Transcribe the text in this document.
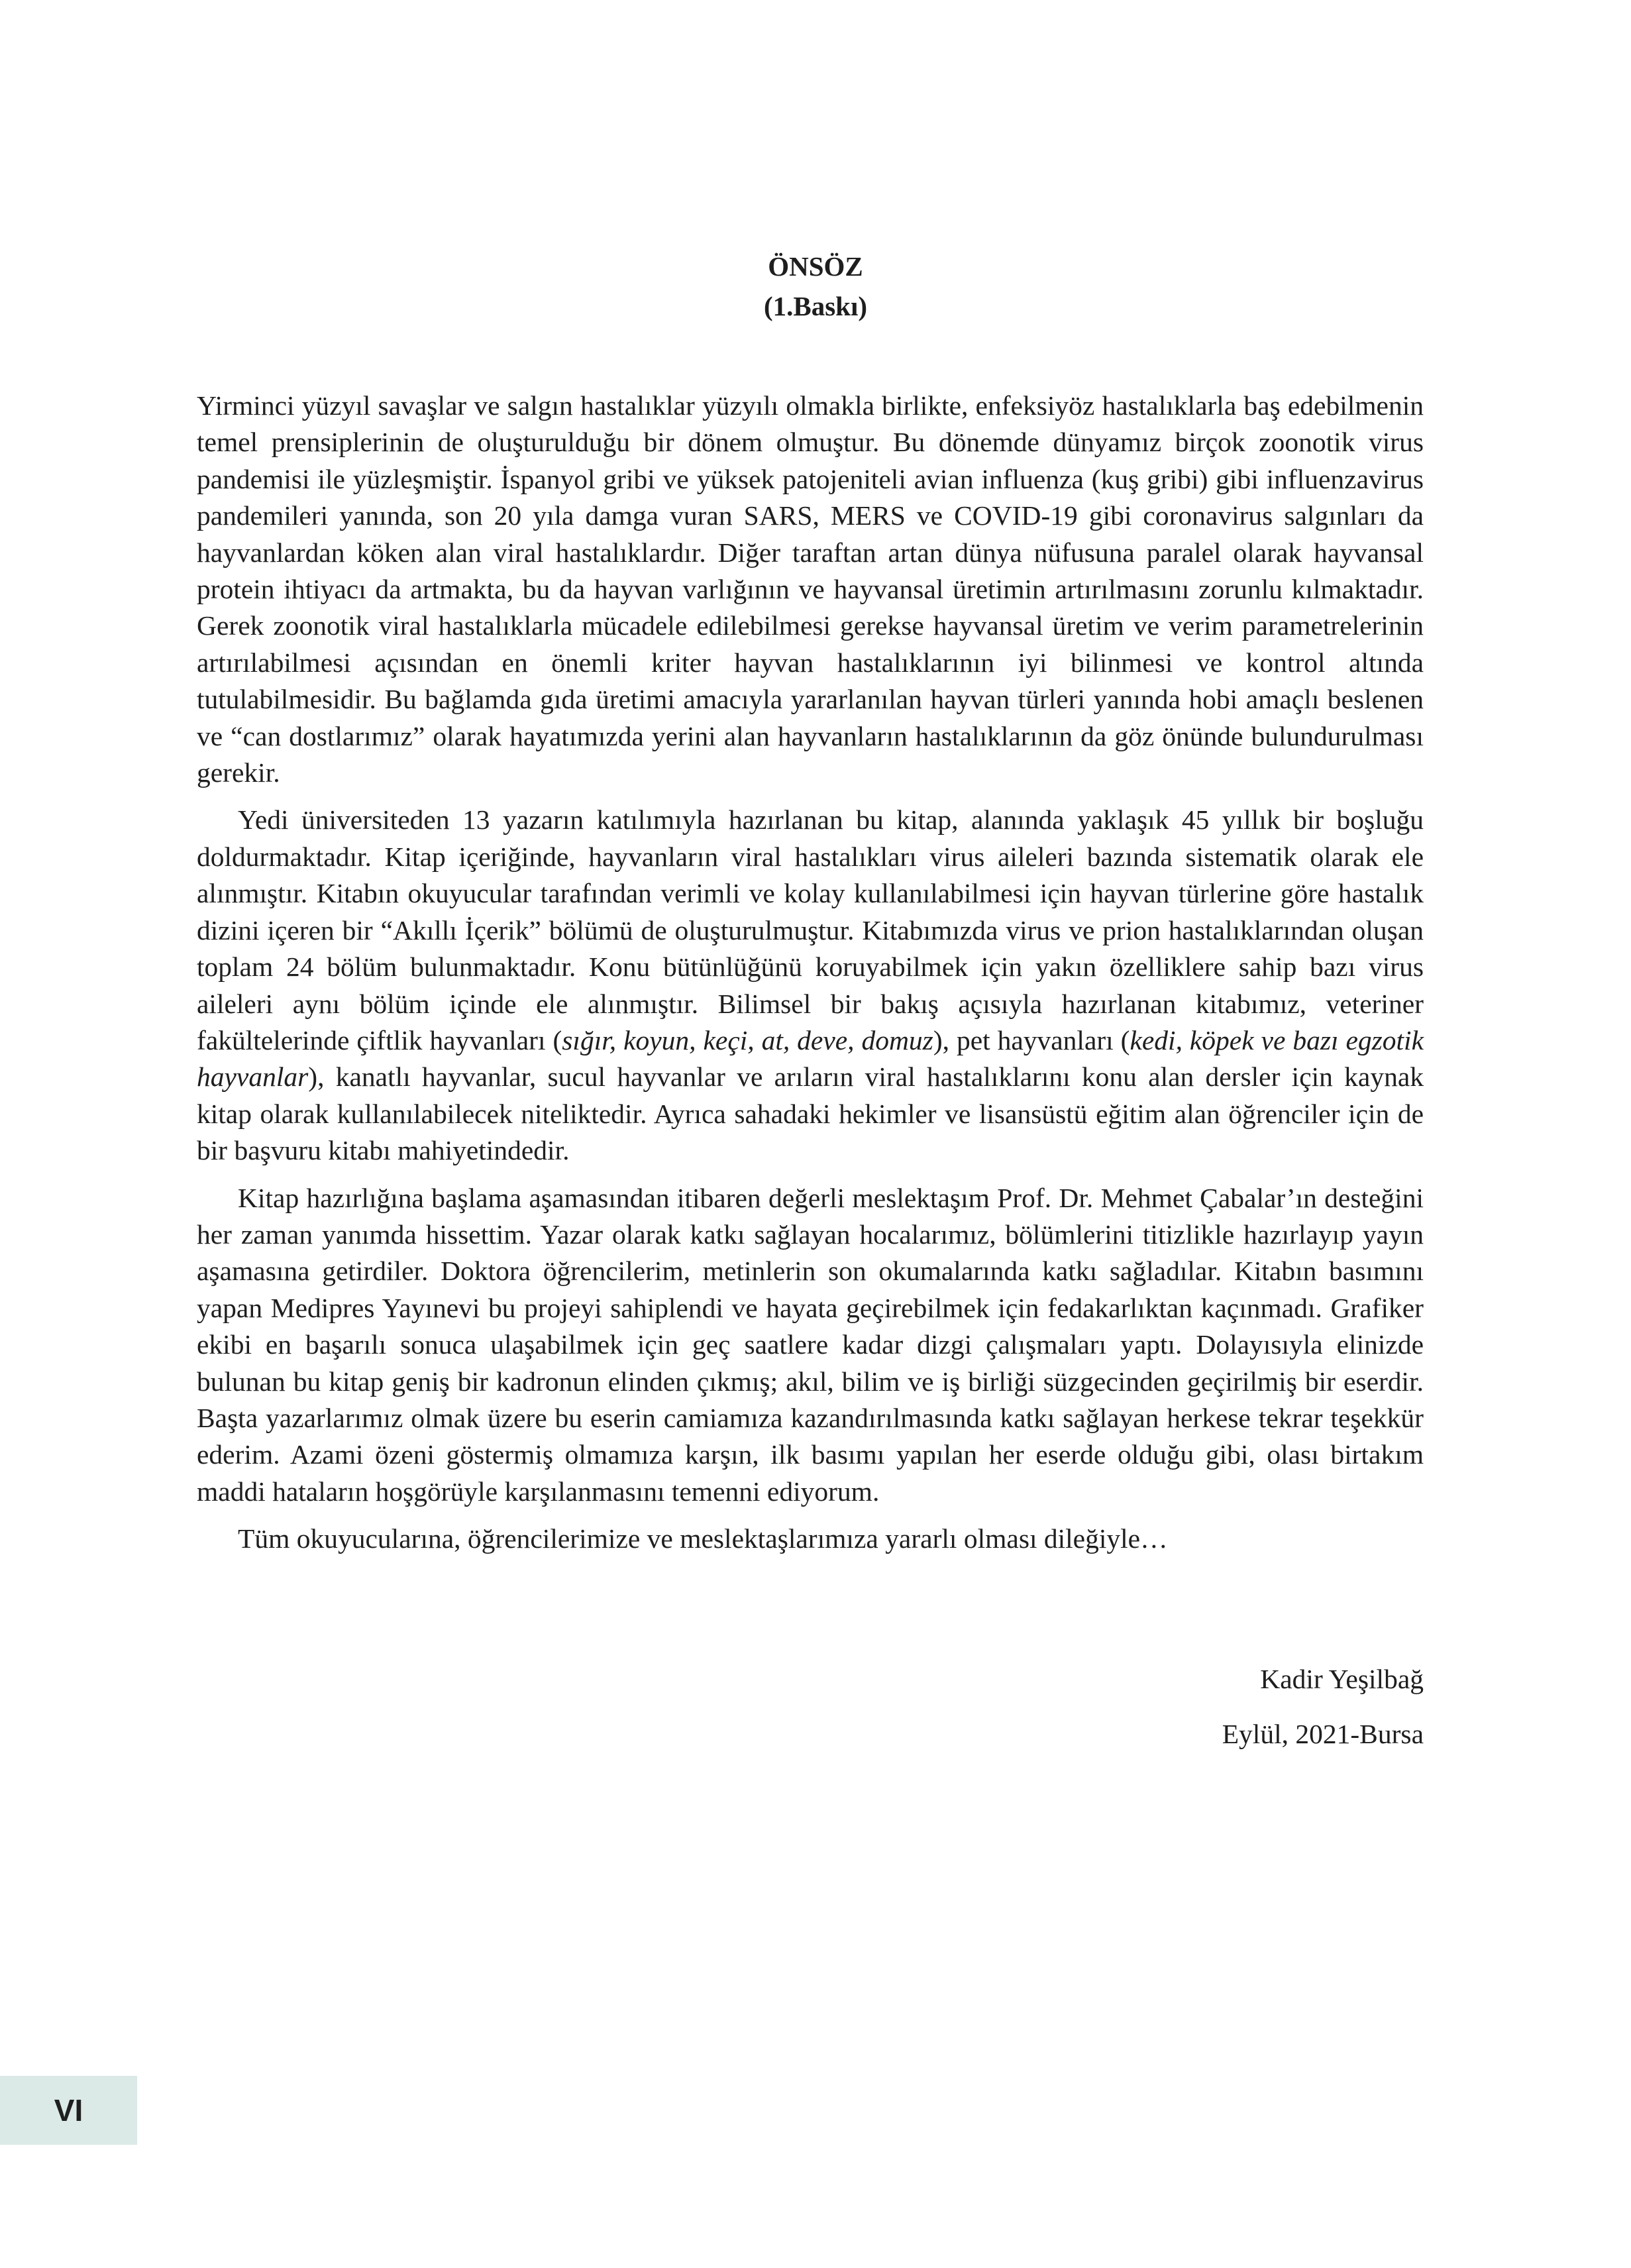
ÖNSÖZ
(1.Baskı)

Yirminci yüzyıl savaşlar ve salgın hastalıklar yüzyılı olmakla birlikte, enfeksiyöz hastalıklarla baş edebilmenin temel prensiplerinin de oluşturulduğu bir dönem olmuştur. Bu dönemde dünyamız birçok zoonotik virus pandemisi ile yüzleşmiştir. İspanyol gribi ve yüksek patojeniteli avian influenza (kuş gribi) gibi influenzavirus pandemileri yanında, son 20 yıla damga vuran SARS, MERS ve COVID-19 gibi coronavirus salgınları da hayvanlardan köken alan viral hastalıklardır. Diğer taraftan artan dünya nüfusuna paralel olarak hayvansal protein ihtiyacı da artmakta, bu da hayvan varlığının ve hayvansal üretimin artırılmasını zorunlu kılmaktadır. Gerek zoonotik viral hastalıklarla mücadele edilebilmesi gerekse hayvansal üretim ve verim parametrelerinin artırılabilmesi açısından en önemli kriter hayvan hastalıklarının iyi bilinmesi ve kontrol altında tutulabilmesidir. Bu bağlamda gıda üretimi amacıyla yararlanılan hayvan türleri yanında hobi amaçlı beslenen ve “can dostlarımız” olarak hayatımızda yerini alan hayvanların hastalıklarının da göz önünde bulundurulması gerekir.

Yedi üniversiteden 13 yazarın katılımıyla hazırlanan bu kitap, alanında yaklaşık 45 yıllık bir boşluğu doldurmaktadır. Kitap içeriğinde, hayvanların viral hastalıkları virus aileleri bazında sistematik olarak ele alınmıştır. Kitabın okuyucular tarafından verimli ve kolay kullanılabilmesi için hayvan türlerine göre hastalık dizini içeren bir “Akıllı İçerik” bölümü de oluşturulmuştur. Kitabımızda virus ve prion hastalıklarından oluşan toplam 24 bölüm bulunmaktadır. Konu bütünlüğünü koruyabilmek için yakın özelliklere sahip bazı virus aileleri aynı bölüm içinde ele alınmıştır. Bilimsel bir bakış açısıyla hazırlanan kitabımız, veteriner fakültelerinde çiftlik hayvanları (sığır, koyun, keçi, at, deve, domuz), pet hayvanları (kedi, köpek ve bazı egzotik hayvanlar), kanatlı hayvanlar, sucul hayvanlar ve arıların viral hastalıklarını konu alan dersler için kaynak kitap olarak kullanılabilecek niteliktedir. Ayrıca sahadaki hekimler ve lisansüstü eğitim alan öğrenciler için de bir başvuru kitabı mahiyetindedir.

Kitap hazırlığına başlama aşamasından itibaren değerli meslektaşım Prof. Dr. Mehmet Çabalar’ın desteğini her zaman yanımda hissettim. Yazar olarak katkı sağlayan hocalarımız, bölümlerini titizlikle hazırlayıp yayın aşamasına getirdiler. Doktora öğrencilerim, metinlerin son okumalarında katkı sağladılar. Kitabın basımını yapan Medipres Yayınevi bu projeyi sahiplendi ve hayata geçirebilmek için fedakarlıktan kaçınmadı. Grafiker ekibi en başarılı sonuca ulaşabilmek için geç saatlere kadar dizgi çalışmaları yaptı. Dolayısıyla elinizde bulunan bu kitap geniş bir kadronun elinden çıkmış; akıl, bilim ve iş birliği süzgecinden geçirilmiş bir eserdir. Başta yazarlarımız olmak üzere bu eserin camiamıza kazandırılmasında katkı sağlayan herkese tekrar teşekkür ederim. Azami özeni göstermiş olmamıza karşın, ilk basımı yapılan her eserde olduğu gibi, olası birtakım maddi hataların hoşgörüyle karşılanmasını temenni ediyorum.

Tüm okuyucularına, öğrencilerimize ve meslektaşlarımıza yararlı olması dileğiyle…

Kadir Yeşilbağ
Eylül, 2021-Bursa
VI
